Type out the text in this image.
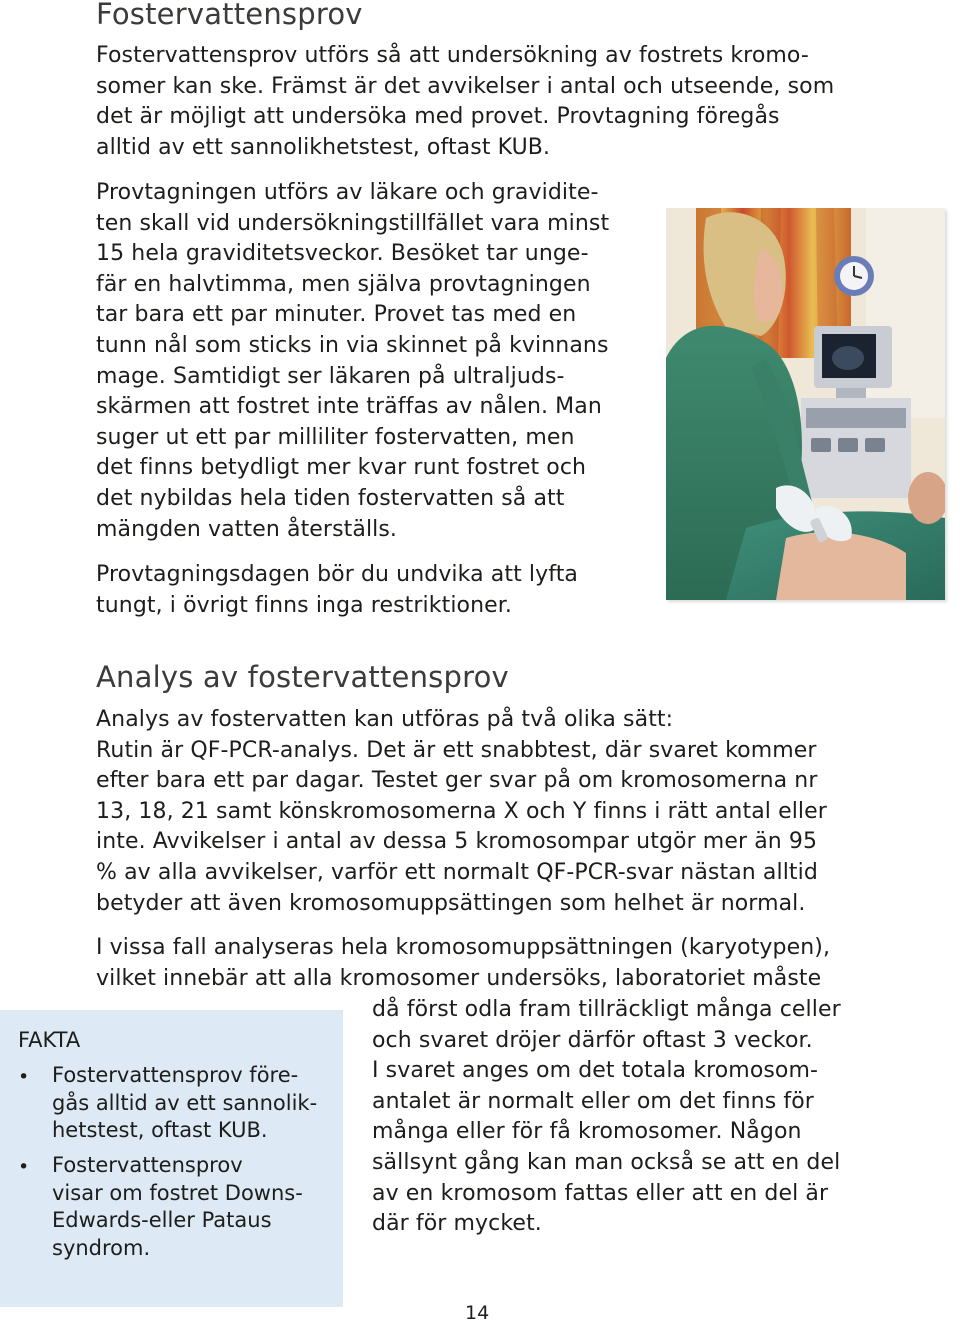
Fostervattensprov

Fostervattensprov utförs så att undersökning av fostrets kromo-
somer kan ske. Främst är det avvikelser i antal och utseende, som
det är möjligt att undersöka med provet. Provtagning föregås
alltid av ett sannolikhetstest, oftast KUB.

Provtagningen utförs av läkare och gravidite-
ten skall vid undersökningstillfället vara minst
15 hela graviditetsveckor. Besöket tar unge-
fär en halvtimma, men själva provtagningen
tar bara ett par minuter. Provet tas med en
tunn nål som sticks in via skinnet på kvinnans
mage. Samtidigt ser läkaren på ultraljuds-
skärmen att fostret inte träffas av nålen. Man
suger ut ett par milliliter fostervatten, men
det finns betydligt mer kvar runt fostret och
det nybildas hela tiden fostervatten så att
mängden vatten återställs.

Provtagningsdagen bör du undvika att lyfta
tungt, i övrigt finns inga restriktioner.

Analys av fostervattensprov

Analys av fostervatten kan utföras på två olika sätt:
Rutin är QF-PCR-analys. Det är ett snabbtest, där svaret kommer
efter bara ett par dagar. Testet ger svar på om kromosomerna nr
13, 18, 21 samt könskromosomerna X och Y finns i rätt antal eller
inte. Avvikelser i antal av dessa 5 kromosompar utgör mer än 95
% av alla avvikelser, varför ett normalt QF-PCR-svar nästan alltid
betyder att även kromosomuppsättingen som helhet är normal.

I vissa fall analyseras hela kromosomuppsättningen (karyotypen),
vilket innebär att alla kromosomer undersöks, laboratoriet måste

då först odla fram tillräckligt många celler
och svaret dröjer därför oftast 3 veckor.
I svaret anges om det totala kromosom-
antalet är normalt eller om det finns för
många eller för få kromosomer. Någon
sällsynt gång kan man också se att en del
av en kromosom fattas eller att en del är
där för mycket.

FAKTA
• Fostervattensprov före-
gås alltid av ett sannolik-
hetstest, oftast KUB.
• Fostervattensprov
visar om fostret Downs-
Edwards-eller Pataus
syndrom.
14
